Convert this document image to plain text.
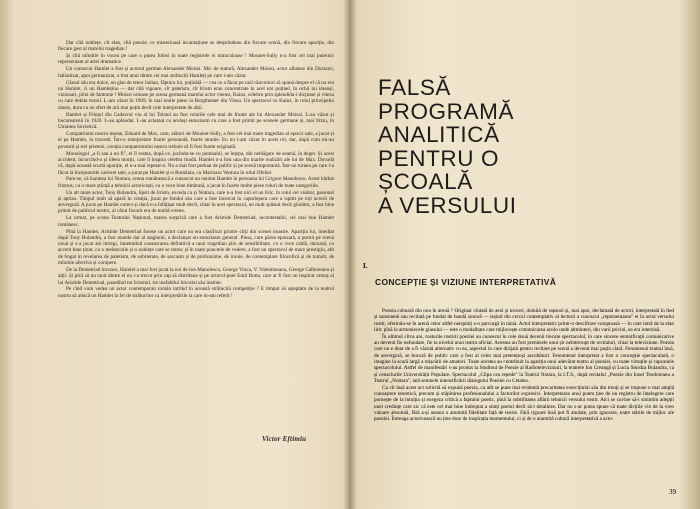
Dar cîtă noblețe, cît elan, cîtă poezie, ce misterioasă incantațiune se desprindeau din fiecare scenă, din fiecare apariție, din fiecare gest al marelui tragedian !

Și cîtă mîndrie în vocea pe care o putea folosi în toate registrele ei miraculoase ! Mounet-Sully n-a fost cel mai puternic reprezentant al artei dramatice.

Un cunoscut Hamlet a fost și actorul german Alexander Moissi. Mic de statură, Alexander Moissi, actor albanez din Durazzo, italianizat, apoi germanizat, a fost unul dintre cei mai străluciți Hamleți pe care i-am văzut.

Glasul său era dulce, un glas de tenor italian, făptura lui, puținătă — cea ce a făcut pe unii răuvoitori să spună despre el că nu era un Hamlet, ci un Hamlețino — dar cîtă vigoare, cît patetism, cît lirism erau concentrate în acel om puținel, în ochii lui imenși, vizionari, plini de fantome ! Moissi urmase pe scena germană marelui actor vienez, Kainz, celebru prin splendida-i dicțiune și viteza cu care debita textul. L-am văzut în 1909, în mai multe piese la Burgtheater din Viena. Un spectacol cu Kainz, în rolul principelui danez, dura cu un sfert de oră mai puțin decît cele interpretate de alții.

Hamlet și Prințul din Cadavrul viu al lui Tolstoi au fost rolurile cele mai de frunte ale lui Alexander Moissi. L-au văzut și bucureștenii în 1920. L-au aplaudat. L-au aclamat cu același entuziasm cu care a fost primit pe scenele germane și, mai tîrziu, în Uniunea Sovietică.

Compatriotul nostru ieșean, Eduard de Max, care, alături de Mounet-Sully, a fost cel mai mare tragedian al epocii sale, a jucat și el pe Hamlet, în travesti. Într-o interpretare foarte personală, foarte stranie. Eu nu l-am văzut în acest rol, dar, după cum mi-au povestit și trei prieteni, creația compatriotului nostru trebuie să fi fost foarte originală.

Monologul „a fi sau a nu fi", el îl rostea, după ce, jucîndu-se cu pumnalul, se înțepa, din neblăgare de seamă, în deget. Și acest accident, încurcînd-o și ideea morții, care îl inspira celebra tiradă. Hamlet n-a fost una din marile realizări ale lui de Max. Dovadă că, după această scurtă apariție, el n-a mai repetat-o. Nu a mai fost preluat de public și pe scenă importantă. Într-un turneu pe care l-a făcut la începuturile carierei sale, a jucat pe Hamlet și-n România, cu Marioara Ventura în rolul Ofeliei.

Pare-se, că înaintea lui Nottara, scena românească a cunoscut un neuitat Hamlet în persoana lui Grigore Manolescu. Acest bărbat frumos, cu o mare știință a tehnicii actoricești, cu o voce bine timbrată, a jucat în foarte multe piese roluri de toate categoriile.

Un alt mare actor, Tony Bulandra, lipsit de lirism, exceda ca și Nottara, care n-a fost nici el un liric, în rolul cel visător, pasional și aprins. Timpul mult să apară în creația, jucat pe fondul său care a fost încercat în capodopera care a ispitit pe toți actorii de anvergură. A jucat pe Hamlet corect și dacă n-a înfățișat mult decît, chiar în acel spectacol, un mult spăsuit decît gînditor, a fost bine primit de publicul nostru, al cărui favorit era de multă vreme.

La urmat, pe scena Teatrului Național, marea surpriză care a fost Aristide Demetriad, incontestabil, cel mai bun Hamlet românesc.

Pînă la Hamlet, Aristide Demetriad fusese un actor care nu era clasificat printre cîrți din scenei noastre. Apariția lui, imediat după Tony Bulandra, a fost marele dar al stagiunii, a declanșat un entuziasm general. Piesa, care părea epuizată, a pornit pe scena nouă și s-a jucat ani întregi, înnemnînd consacrarea definitivă a unui tragedian plin de sensibilitate, cu o voce caldă, duioasă, cu accent bine ținut, cu o melancolie și o noblețe care se rotesc și în toate punctele de vedere, a fost un spectacol de mare prestigiu, atît de bogat în revelarea de patetism, de sobrietate, de sarcasm și de profunzime, de ironie, de contemplare filozofică și de tumult, de mîndrie afectiva și corupere.

De la Demetriad încoace, Hamlet a mai fost jucat la noi de Ion Manolescu, George Vraca, V. Valentineanu, George Calboreanu și alții. Și pîcă să nu unul dintre ei nu i-a trecut prin cap să distribuie și pe actorul-poet Emil Botta, care ar fi fost un inspirat urmaș al lui Aristide Demetriad, posedînd tot lirismul, tot inefabilul liricului său inainte.

Pe cînd vom vedea un actor contemporan român intrînd în această strălucită competiție ? E timpul să așteptăm de la teatrul nostru să aducă un Hamlet la fel de strălucitor ca interpretările la care m-am referit !

Victor Eftimiu
FALSĂ
PROGRAMĂ
ANALITICĂ
PENTRU O
ȘCOALĂ
A VERSULUI
I.
CONCEPȚIE ȘI VIZIUNE INTERPRETATIVĂ

Poezia coboară din nou în arenă ? Originar cîntată de aezi și truveri, doinită de rapsozi și, mai apoi, declamată de actori, interpretată în lied și sansonetă sau recitată pe fundal de bandă sonoră — ieșind din cercul contemplativ al lecturii a cunoscut „reprezentarea" ei în actul versului rostit, oferindu-se în arenă celor altfel neispitiți s-o parcurgă în taină. Actul interpretativ printr-o descifrare voluptoasă — în care intră de la elan liric pînă la armoniecele glasului — este o modalitate care mijlocește comunicarea acolo unde altminteri, din varii pricini, ea era interzisă.

În ultimul cîtva ani, rosturile rostirii poeziei au cunoscut în cele două decenii trecute spectacolul, în care sincere semnificații comunicative au devenit fie nefundate, fie la nivelul unui teatru oficial. Acestea au fost premisele unui șir neîntrerupt de recitaluri, chiar la televiziune. Poezia care nu e doar de a fi văzută alternativ cu ea, aspectul în care dirijată pentru recitare pe scenă a devenit mai puțin clară. Fenomenul teatral însă, de anvergură, se bucură de public care a fost al celor mai pretențioși ascultători. Fenomenul interpretat a fost o concepție spectaculară, o imagine la scară largă a mișcării de amatori. Toate acestea au contribuit la apariția unui adevărat teatru al poeziei, cu toate virtuțile și capcanele spectacolului. Astfel de manifestări s-au produs la Studioul de Poezie al Radioteleviziunii, la teatrele Ion Creangă și Lucia Sturdza Bulandra, ca și cenaclurile Universității Populare. Spectacolul „Clipa cea repede" la Teatrul Notara, la I.T.S., după recitalul „Poezie din Ionel Teodoreanu a Teatrul „Nottara", iată semnele intensificării dialogului Poeziei cu Cetatea.

Cu cît însă acest act solicită să expună poezia, cu atît se pune mai evidentă precaritatea exercițiului său din treuți și se impune o mai amplă cunoaștere teoretică, precum și stăpînirea profesionalului a factorilor expresivi. Interpretarea unui poem ține de un registru de înțelegere care pornește de la intuiția și exegeza critică a faptului poetic, pînă la subtilitatea aflării tehnicii versului rostit. Aici se cuvine să-i smintim adepții unei credințe care zic că este cel mai bine îndreptat a simți poetul decît să-l detalieze. Dar nu s-ar putea spune că toate dicțiile vin de la vreo valoare absolută, fără a-și asuma o anumită fidelitate față de teorie. Fără rigoare însă pot fi anulate, prin ignorare, toate stările de mijloc ale poeziei. Întreaga actoricească nu ține doar de inspirația momentului, ci și de o anumită cultură interpretativă a acto-

39
